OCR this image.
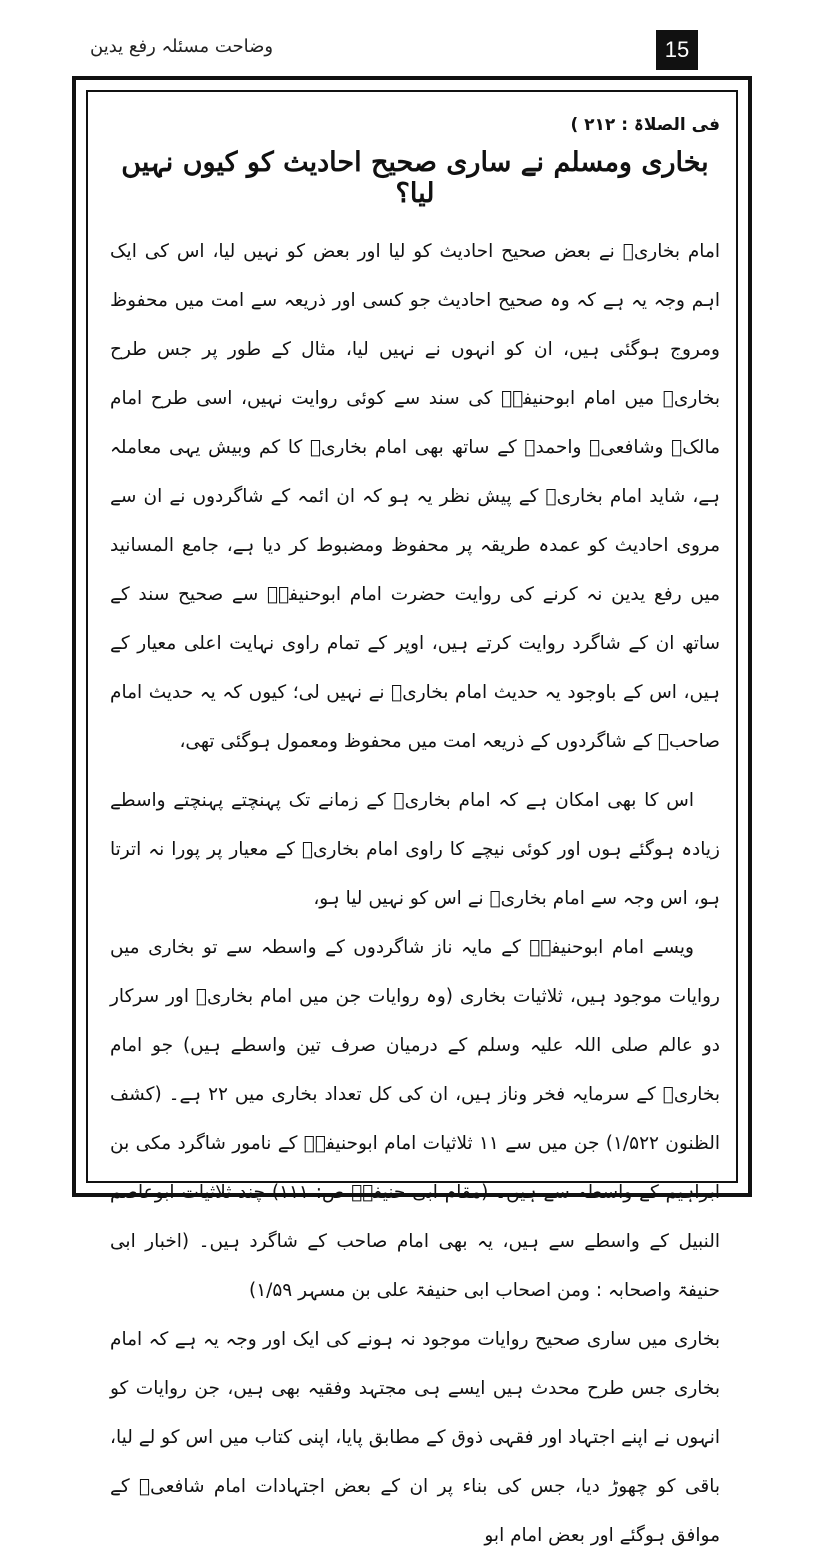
وضاحت مسئلہ رفع یدین	15
فی الصلاۃ : ۲۱۲ )
بخاری ومسلم نے ساری صحیح احادیث کو کیوں نہیں لیا؟

امام بخاریؒ نے بعض صحیح احادیث کو لیا اور بعض کو نہیں لیا، اس کی ایک اہم وجہ یہ ہے کہ وہ صحیح احادیث جو کسی اور ذریعہ سے امت میں محفوظ ومروج ہوگئی ہیں، ان کو انہوں نے نہیں لیا، مثال کے طور پر جس طرح بخاریؒ میں امام ابوحنیفہؒ کی سند سے کوئی روایت نہیں، اسی طرح امام مالکؒ وشافعیؒ واحمدؒ کے ساتھ بھی امام بخاریؒ کا کم وبیش یہی معاملہ ہے، شاید امام بخاریؒ کے پیش نظر یہ ہو کہ ان ائمہ کے شاگردوں نے ان سے مروی احادیث کو عمدہ طریقہ پر محفوظ ومضبوط کر دیا ہے، جامع المسانید میں رفع یدین نہ کرنے کی روایت حضرت امام ابوحنیفہؒ سے صحیح سند کے ساتھ ان کے شاگرد روایت کرتے ہیں، اوپر کے تمام راوی نہایت اعلی معیار کے ہیں، اس کے باوجود یہ حدیث امام بخاریؒ نے نہیں لی؛ کیوں کہ یہ حدیث امام صاحبؒ کے شاگردوں کے ذریعہ امت میں محفوظ ومعمول ہوگئی تھی،

اس کا بھی امکان ہے کہ امام بخاریؒ کے زمانے تک پہنچتے پہنچتے واسطے زیادہ ہوگئے ہوں اور کوئی نیچے کا راوی امام بخاریؒ کے معیار پر پورا نہ اترتا ہو، اس وجہ سے امام بخاریؒ نے اس کو نہیں لیا ہو،

ویسے امام ابوحنیفہؒ کے مایہ ناز شاگردوں کے واسطہ سے تو بخاری میں روایات موجود ہیں، ثلاثیات بخاری (وہ روایات جن میں امام بخاریؒ اور سرکار دو عالم صلی اللہ علیہ وسلم کے درمیان صرف تین واسطے ہیں) جو امام بخاریؒ کے سرمایہ فخر وناز ہیں، ان کی کل تعداد بخاری میں ۲۲ ہے۔ (کشف الظنون ۱/۵۲۲) جن میں سے ۱۱ ثلاثیات امام ابوحنیفہؒ کے نامور شاگرد مکی بن ابراہیم کے واسطہ سے ہیں۔ (مقام ابی حنیفہؒ ص: ۱۱۱) چند ثلاثیات ابوعاصم النبیل کے واسطے سے ہیں، یہ بھی امام صاحب کے شاگرد ہیں۔ (اخبار ابی حنیفۃ واصحابہ : ومن اصحاب ابی حنیفۃ علی بن مسہر ۱/۵۹)

بخاری میں ساری صحیح روایات موجود نہ ہونے کی ایک اور وجہ یہ ہے کہ امام بخاری جس طرح محدث ہیں ایسے ہی مجتہد وفقیہ بھی ہیں، جن روایات کو انہوں نے اپنے اجتہاد اور فقہی ذوق کے مطابق پایا، اپنی کتاب میں اس کو لے لیا، باقی کو چھوڑ دیا، جس کی بناء پر ان کے بعض اجتہادات امام شافعیؒ کے موافق ہوگئے اور بعض امام ابو
